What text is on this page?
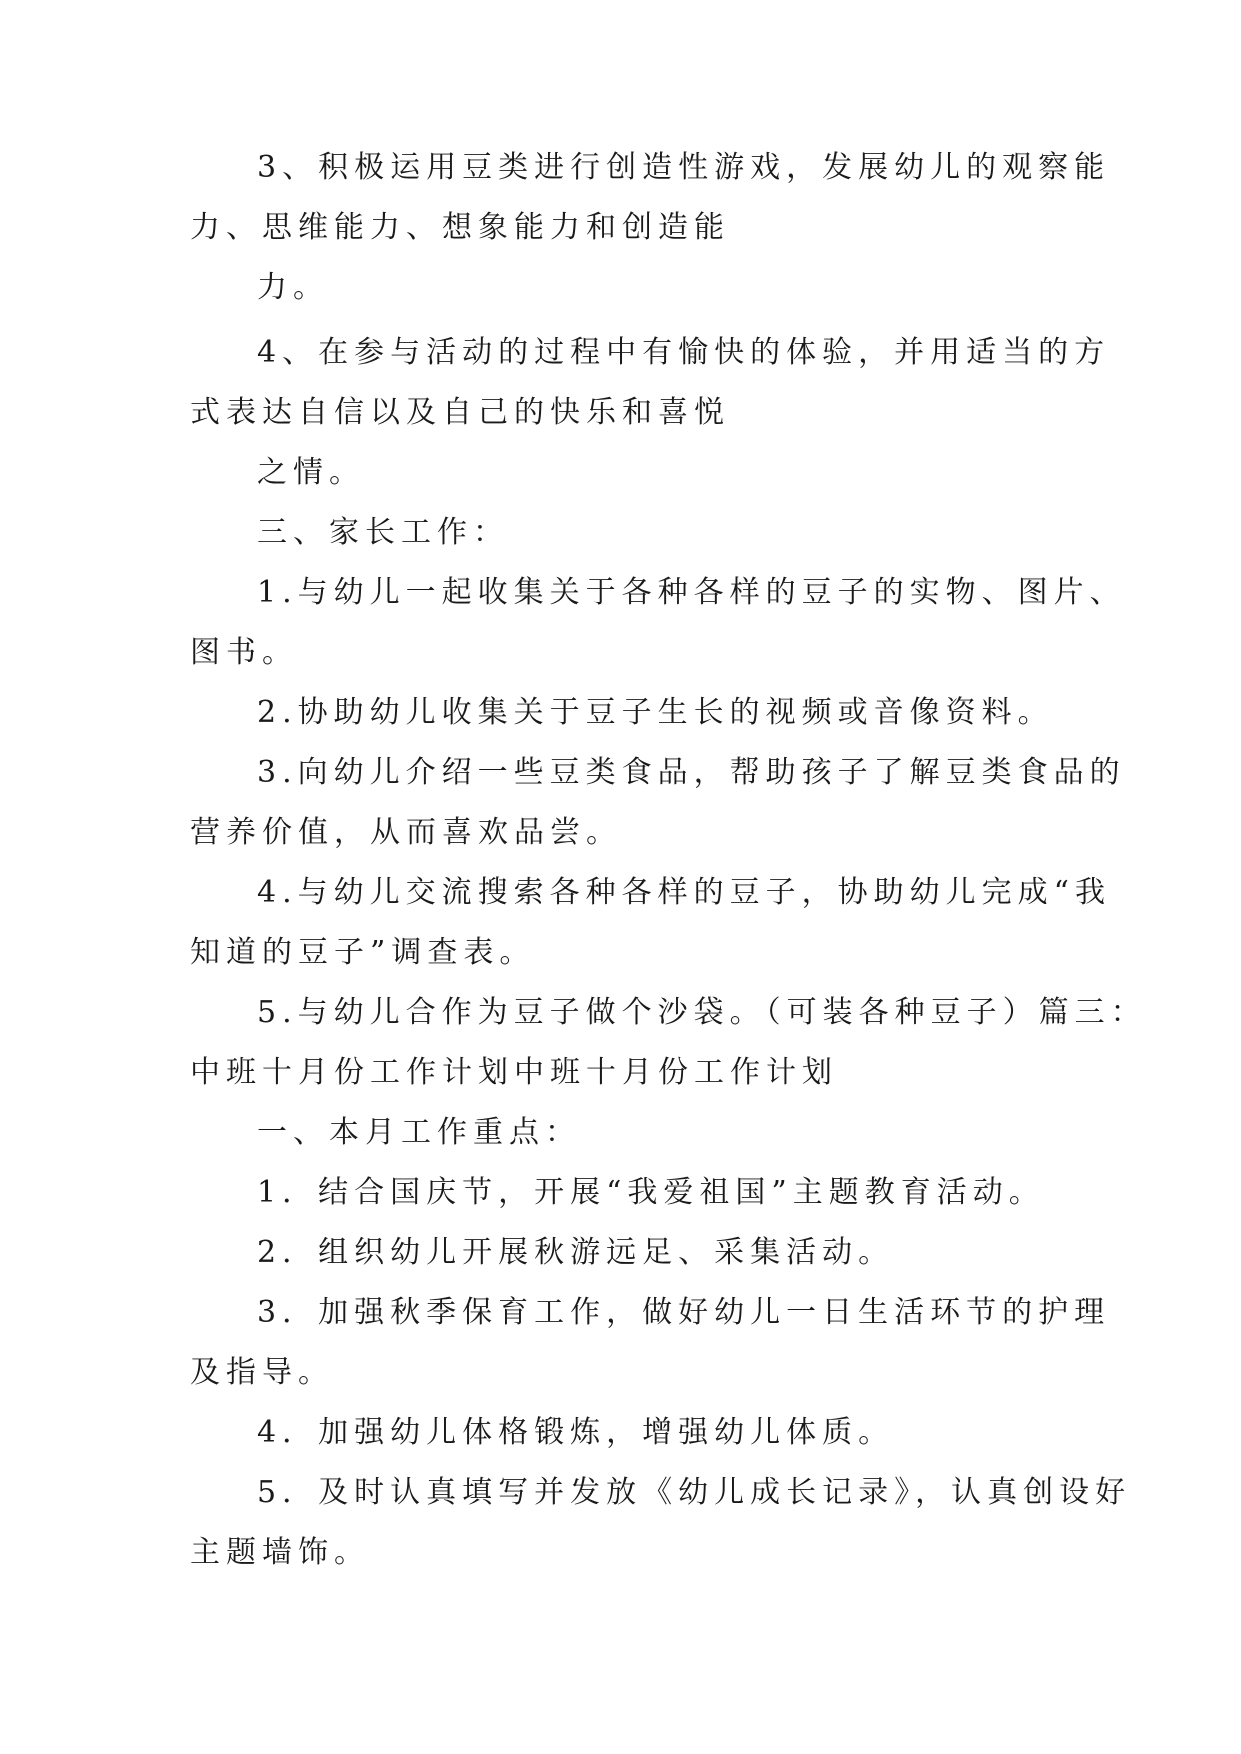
3、积极运用豆类进行创造性游戏，发展幼儿的观察能
力、思维能力、想象能力和创造能
力。
4、在参与活动的过程中有愉快的体验，并用适当的方
式表达自信以及自己的快乐和喜悦
之情。
三、家长工作：
1.与幼儿一起收集关于各种各样的豆子的实物、图片、
图书。
2.协助幼儿收集关于豆子生长的视频或音像资料。
3.向幼儿介绍一些豆类食品，帮助孩子了解豆类食品的
营养价值，从而喜欢品尝。
4.与幼儿交流搜索各种各样的豆子，协助幼儿完成“我
知道的豆子”调查表。
5.与幼儿合作为豆子做个沙袋。（可装各种豆子）篇三：
中班十月份工作计划中班十月份工作计划
一、本月工作重点：
1．结合国庆节，开展“我爱祖国”主题教育活动。
2．组织幼儿开展秋游远足、采集活动。
3．加强秋季保育工作，做好幼儿一日生活环节的护理
及指导。
4．加强幼儿体格锻炼，增强幼儿体质。
5．及时认真填写并发放《幼儿成长记录》，认真创设好
主题墙饰。
